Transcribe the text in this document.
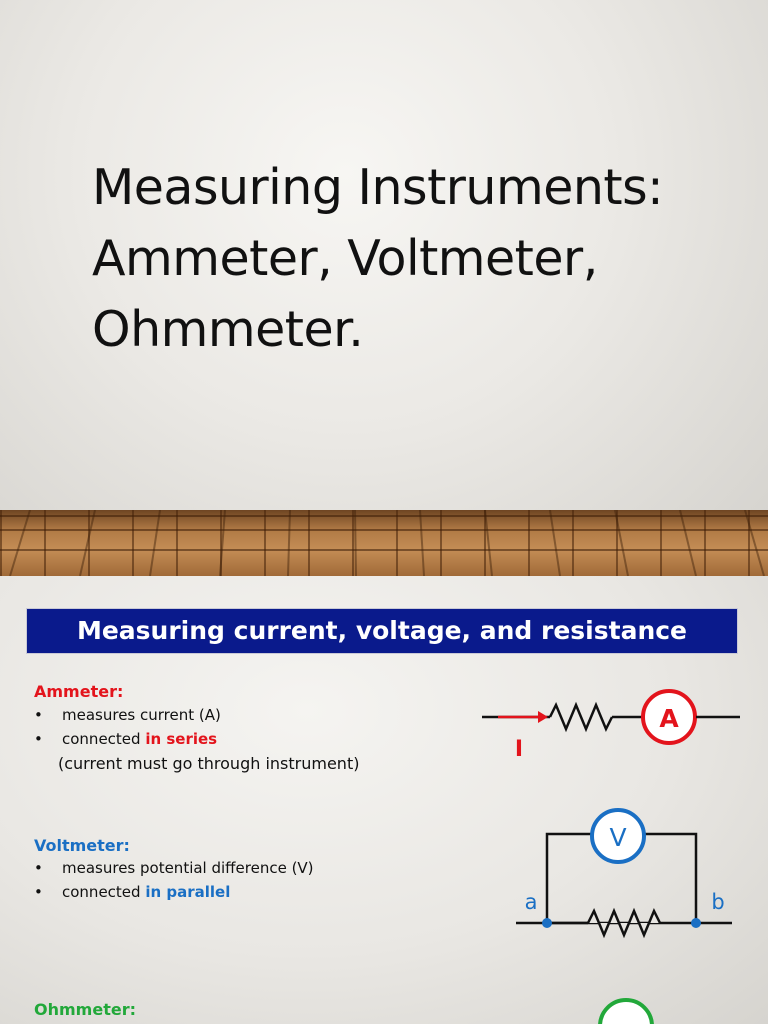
Measuring Instruments:
Ammeter, Voltmeter,
Ohmmeter.
Measuring current, voltage, and resistance
Ammeter:
• measures current (A)
• connected in series
(current must go through instrument)
A
I
Voltmeter:
• measures potential difference (V)
• connected in parallel
V
a	b
Ohmmeter:
